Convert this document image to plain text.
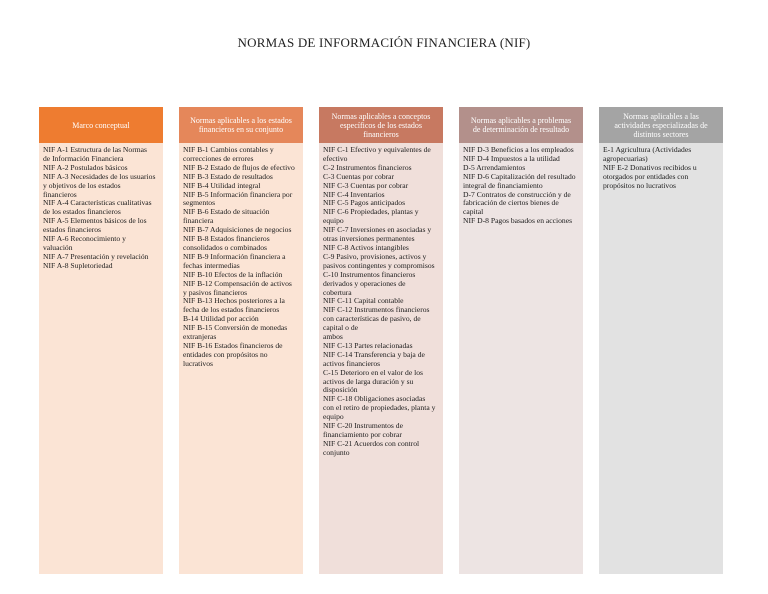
NORMAS DE INFORMACIÓN FINANCIERA (NIF)
Marco conceptual
NIF A-1 Estructura de las Normas
de Información Financiera
NIF A-2 Postulados básicos
NIF A-3 Necesidades de los usuarios
y objetivos de los estados
financieros
NIF A-4 Características cualitativas
de los estados financieros
NIF A-5 Elementos básicos de los
estados financieros
NIF A-6 Reconocimiento y
valuación
NIF A-7 Presentación y revelación
NIF A-8 Supletoriedad
Normas aplicables a los estados financieros en su conjunto
NIF B-1 Cambios contables y
correcciones de errores
NIF B-2 Estado de flujos de efectivo
NIF B-3 Estado de resultados
NIF B-4 Utilidad integral
NIF B-5 Información financiera por
segmentos
NIF B-6 Estado de situación
financiera
NIF B-7 Adquisiciones de negocios
NIF B-8 Estados financieros
consolidados o combinados
NIF B-9 Información financiera a
fechas intermedias
NIF B-10 Efectos de la inflación
NIF B-12 Compensación de activos
y pasivos financieros
NIF B-13 Hechos posteriores a la
fecha de los estados financieros
B-14 Utilidad por acción
NIF B-15 Conversión de monedas
extranjeras
NIF B-16 Estados financieros de
entidades con propósitos no
lucrativos
Normas aplicables a conceptos específicos de los estados financieros
NIF C-1 Efectivo y equivalentes de
efectivo
C-2 Instrumentos financieros
C-3 Cuentas por cobrar
NIF C-3 Cuentas por cobrar
NIF C-4 Inventarios
NIF C-5 Pagos anticipados
NIF C-6 Propiedades, plantas y
equipo
NIF C-7 Inversiones en asociadas y
otras inversiones permanentes
NIF C-8 Activos intangibles
C-9 Pasivo, provisiones, activos y
pasivos contingentes y compromisos
C-10 Instrumentos financieros
derivados y operaciones de
cobertura
NIF C-11 Capital contable
NIF C-12 Instrumentos financieros
con características de pasivo, de
capital o de
ambos
NIF C-13 Partes relacionadas
NIF C-14 Transferencia y baja de
activos financieros
C-15 Deterioro en el valor de los
activos de larga duración y su
disposición
NIF C-18 Obligaciones asociadas
con el retiro de propiedades, planta y
equipo
NIF C-20 Instrumentos de
financiamiento por cobrar
NIF C-21 Acuerdos con control
conjunto
Normas aplicables a problemas de determinación de resultado
NIF D-3 Beneficios a los empleados
NIF D-4 Impuestos a la utilidad
D-5 Arrendamientos
NIF D-6 Capitalización del resultado
integral de financiamiento
D-7 Contratos de construcción y de
fabricación de ciertos bienes de
capital
NIF D-8 Pagos basados en acciones
Normas aplicables a las actividades especializadas de distintos sectores
E-1 Agricultura (Actividades
agropecuarias)
NIF E-2 Donativos recibidos u
otorgados por entidades con
propósitos no lucrativos
